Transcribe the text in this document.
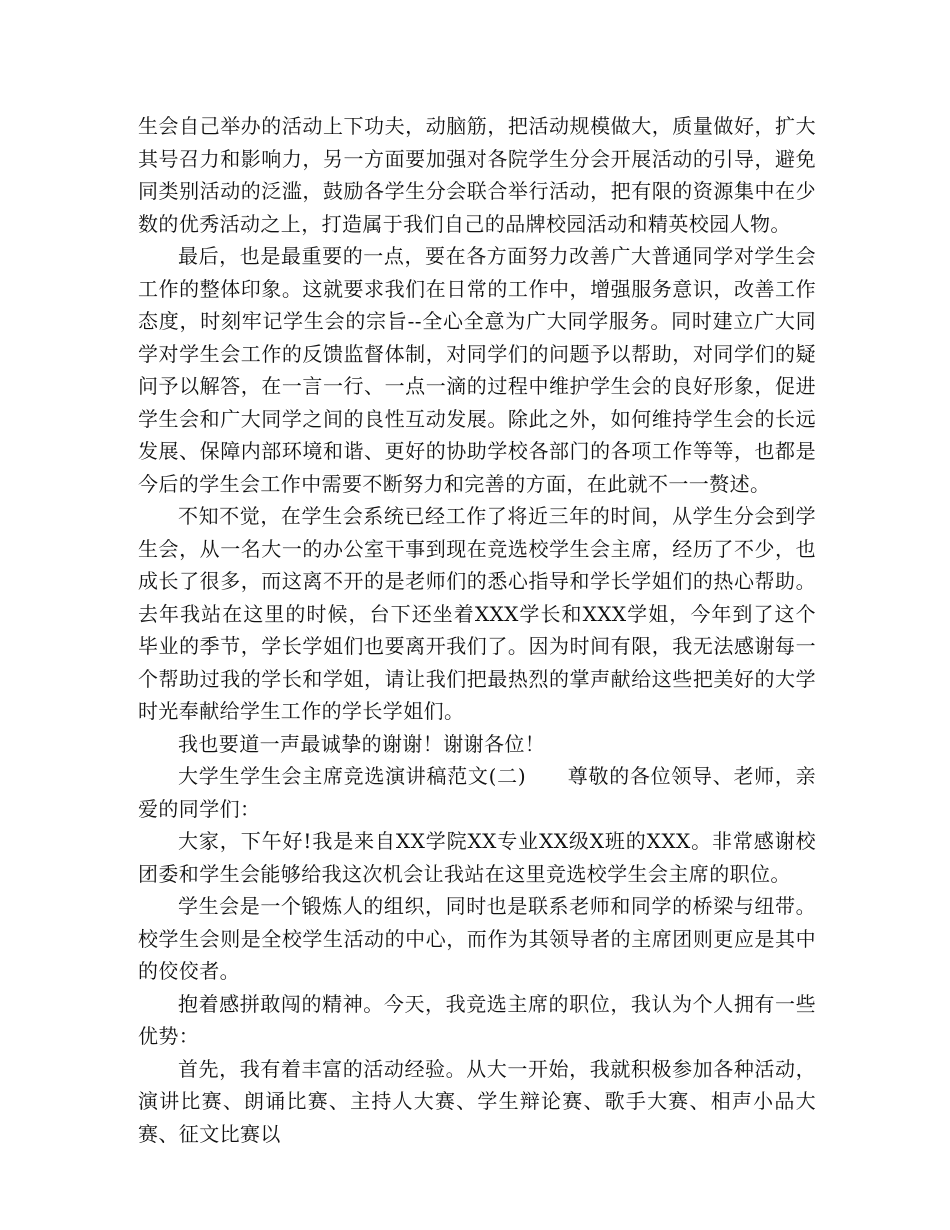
生会自己举办的活动上下功夫，动脑筋，把活动规模做大，质量做好，扩大其号召力和影响力，另一方面要加强对各院学生分会开展活动的引导，避免同类别活动的泛滥，鼓励各学生分会联合举行活动，把有限的资源集中在少数的优秀活动之上，打造属于我们自己的品牌校园活动和精英校园人物。

最后，也是最重要的一点，要在各方面努力改善广大普通同学对学生会工作的整体印象。这就要求我们在日常的工作中，增强服务意识，改善工作态度，时刻牢记学生会的宗旨--全心全意为广大同学服务。同时建立广大同学对学生会工作的反馈监督体制，对同学们的问题予以帮助，对同学们的疑问予以解答，在一言一行、一点一滴的过程中维护学生会的良好形象，促进学生会和广大同学之间的良性互动发展。除此之外，如何维持学生会的长远发展、保障内部环境和谐、更好的协助学校各部门的各项工作等等，也都是今后的学生会工作中需要不断努力和完善的方面，在此就不一一赘述。

不知不觉，在学生会系统已经工作了将近三年的时间，从学生分会到学生会，从一名大一的办公室干事到现在竞选校学生会主席，经历了不少，也成长了很多，而这离不开的是老师们的悉心指导和学长学姐们的热心帮助。去年我站在这里的时候，台下还坐着XXX学长和XXX学姐，今年到了这个毕业的季节，学长学姐们也要离开我们了。因为时间有限，我无法感谢每一个帮助过我的学长和学姐，请让我们把最热烈的掌声献给这些把美好的大学时光奉献给学生工作的学长学姐们。

我也要道一声最诚挚的谢谢！谢谢各位！

大学生学生会主席竞选演讲稿范文(二)　　尊敬的各位领导、老师，亲爱的同学们：

大家，下午好!我是来自XX学院XX专业XX级X班的XXX。非常感谢校团委和学生会能够给我这次机会让我站在这里竞选校学生会主席的职位。

学生会是一个锻炼人的组织，同时也是联系老师和同学的桥梁与纽带。校学生会则是全校学生活动的中心，而作为其领导者的主席团则更应是其中的佼佼者。

抱着感拼敢闯的精神。今天，我竞选主席的职位，我认为个人拥有一些优势：

首先，我有着丰富的活动经验。从大一开始，我就积极参加各种活动，演讲比赛、朗诵比赛、主持人大赛、学生辩论赛、歌手大赛、相声小品大赛、征文比赛以
